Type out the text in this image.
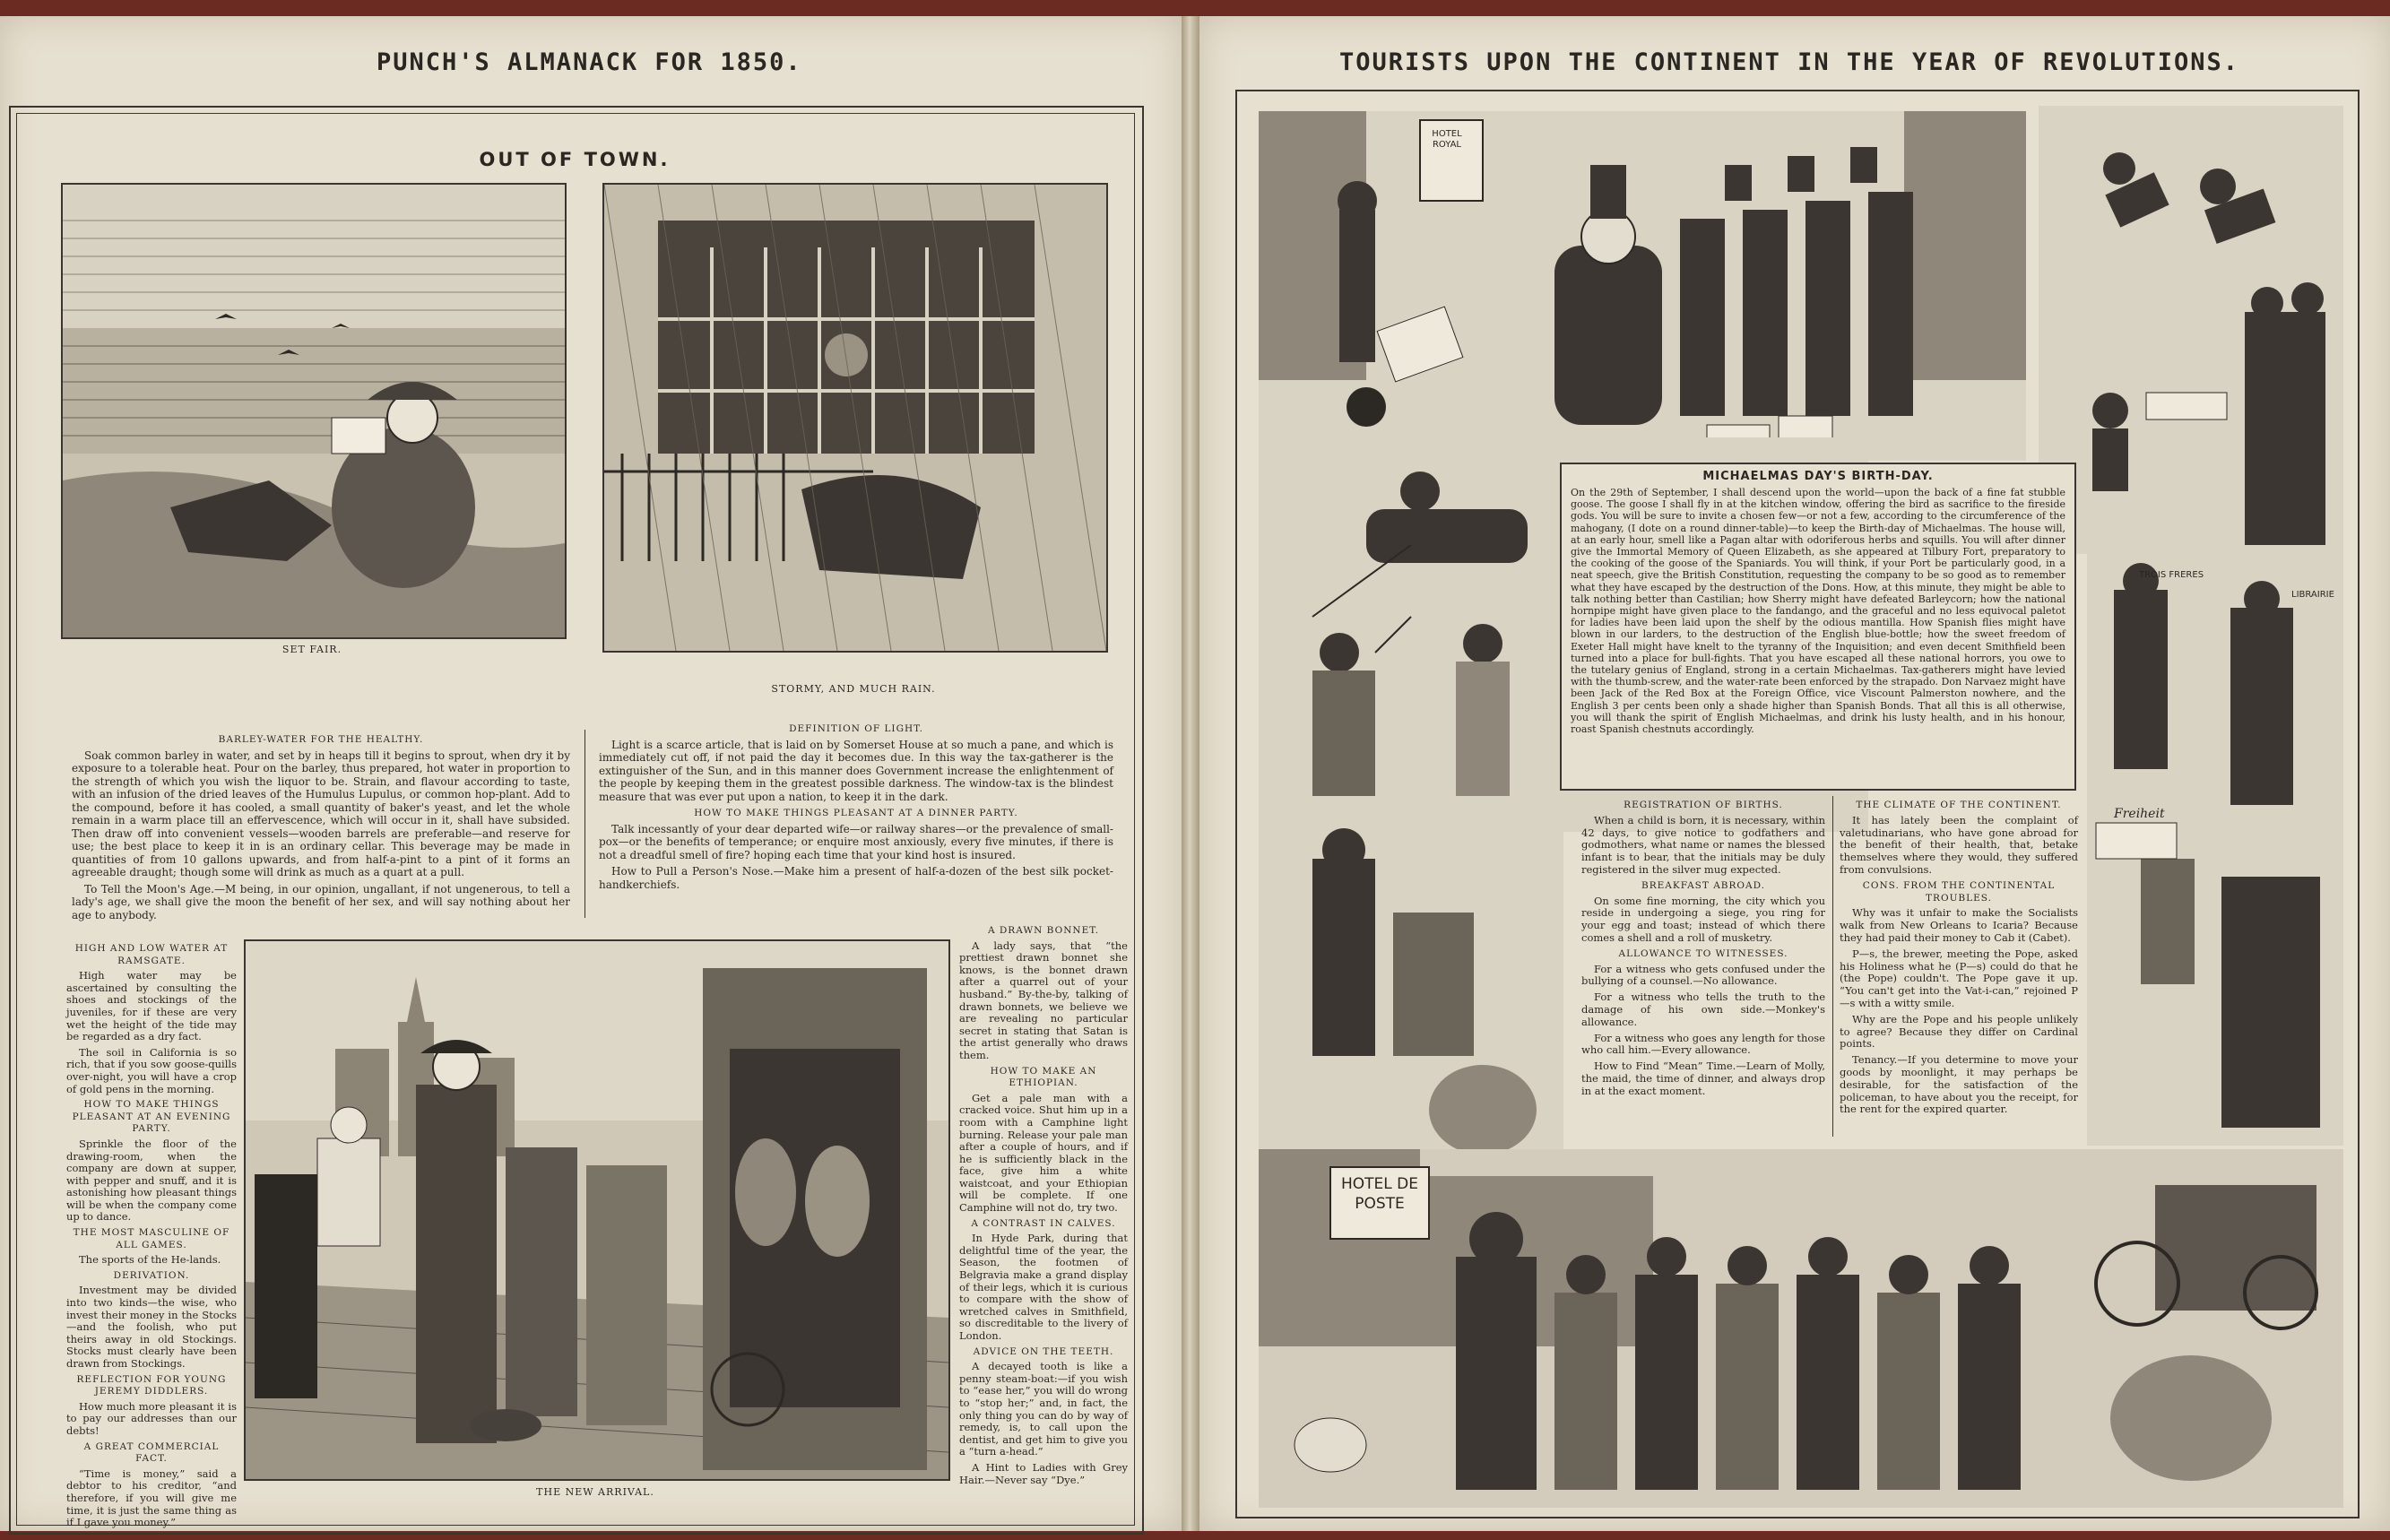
PUNCH'S ALMANACK FOR 1850.
OUT OF TOWN.
SET FAIR.
STORMY, AND MUCH RAIN.
BARLEY-WATER FOR THE HEALTHY.

Soak common barley in water, and set by in heaps till it begins to sprout, when dry it by exposure to a tolerable heat. Pour on the barley, thus prepared, hot water in proportion to the strength of which you wish the liquor to be. Strain, and flavour according to taste, with an infusion of the dried leaves of the Humulus Lupulus, or common hop-plant. Add to the compound, before it has cooled, a small quantity of baker's yeast, and let the whole remain in a warm place till an effervescence, which will occur in it, shall have subsided. Then draw off into convenient vessels—wooden barrels are preferable—and reserve for use; the best place to keep it in is an ordinary cellar. This beverage may be made in quantities of from 10 gallons upwards, and from half-a-pint to a pint of it forms an agreeable draught; though some will drink as much as a quart at a pull.

To Tell the Moon's Age.—M being, in our opinion, ungallant, if not ungenerous, to tell a lady's age, we shall give the moon the benefit of her sex, and will say nothing about her age to anybody.

DEFINITION OF LIGHT.

Light is a scarce article, that is laid on by Somerset House at so much a pane, and which is immediately cut off, if not paid the day it becomes due. In this way the tax-gatherer is the extinguisher of the Sun, and in this manner does Government increase the enlightenment of the people by keeping them in the greatest possible darkness. The window-tax is the blindest measure that was ever put upon a nation, to keep it in the dark.

HOW TO MAKE THINGS PLEASANT AT A DINNER PARTY.

Talk incessantly of your dear departed wife—or railway shares—or the prevalence of small-pox—or the benefits of temperance; or enquire most anxiously, every five minutes, if there is not a dreadful smell of fire? hoping each time that your kind host is insured.

How to Pull a Person's Nose.—Make him a present of half-a-dozen of the best silk pocket-handkerchiefs.

HIGH AND LOW WATER AT RAMSGATE.

High water may be ascertained by consulting the shoes and stockings of the juveniles, for if these are very wet the height of the tide may be regarded as a dry fact.

The soil in California is so rich, that if you sow goose-quills over-night, you will have a crop of gold pens in the morning.

HOW TO MAKE THINGS PLEASANT AT AN EVENING PARTY.

Sprinkle the floor of the drawing-room, when the company are down at supper, with pepper and snuff, and it is astonishing how pleasant things will be when the company come up to dance.

THE MOST MASCULINE OF ALL GAMES.

The sports of the He-lands.

DERIVATION.

Investment may be divided into two kinds—the wise, who invest their money in the Stocks—and the foolish, who put theirs away in old Stockings. Stocks must clearly have been drawn from Stockings.

REFLECTION FOR YOUNG JEREMY DIDDLERS.

How much more pleasant it is to pay our addresses than our debts!

A GREAT COMMERCIAL FACT.

“Time is money,” said a debtor to his creditor, “and therefore, if you will give me time, it is just the same thing as if I gave you money.”

THE NEW ARRIVAL.
A DRAWN BONNET.

A lady says, that “the prettiest drawn bonnet she knows, is the bonnet drawn after a quarrel out of your husband.” By-the-by, talking of drawn bonnets, we believe we are revealing no particular secret in stating that Satan is the artist generally who draws them.

HOW TO MAKE AN ETHIOPIAN.

Get a pale man with a cracked voice. Shut him up in a room with a Camphine light burning. Release your pale man after a couple of hours, and if he is sufficiently black in the face, give him a white waistcoat, and your Ethiopian will be complete. If one Camphine will not do, try two.

A CONTRAST IN CALVES.

In Hyde Park, during that delightful time of the year, the Season, the footmen of Belgravia make a grand display of their legs, which it is curious to compare with the show of wretched calves in Smithfield, so discreditable to the livery of London.

ADVICE ON THE TEETH.

A decayed tooth is like a penny steam-boat:—if you wish to “ease her,” you will do wrong to “stop her;” and, in fact, the only thing you can do by way of remedy, is, to call upon the dentist, and get him to give you a “turn a-head.”

A Hint to Ladies with Grey Hair.—Never say “Dye.”

TOURISTS UPON THE CONTINENT IN THE YEAR OF REVOLUTIONS.
HOTEL ROYAL
MICHAELMAS DAY'S BIRTH-DAY.

On the 29th of September, I shall descend upon the world—upon the back of a fine fat stubble goose. The goose I shall fly in at the kitchen window, offering the bird as sacrifice to the fireside gods. You will be sure to invite a chosen few—or not a few, according to the circumference of the mahogany, (I dote on a round dinner-table)—to keep the Birth-day of Michaelmas. The house will, at an early hour, smell like a Pagan altar with odoriferous herbs and squills. You will after dinner give the Immortal Memory of Queen Elizabeth, as she appeared at Tilbury Fort, preparatory to the cooking of the goose of the Spaniards. You will think, if your Port be particularly good, in a neat speech, give the British Constitution, requesting the company to be so good as to remember what they have escaped by the destruction of the Dons. How, at this minute, they might be able to talk nothing better than Castilian; how Sherry might have defeated Barleycorn; how the national hornpipe might have given place to the fandango, and the graceful and no less equivocal paletot for ladies have been laid upon the shelf by the odious mantilla. How Spanish flies might have blown in our larders, to the destruction of the English blue-bottle; how the sweet freedom of Exeter Hall might have knelt to the tyranny of the Inquisition; and even decent Smithfield been turned into a place for bull-fights. That you have escaped all these national horrors, you owe to the tutelary genius of England, strong in a certain Michaelmas. Tax-gatherers might have levied with the thumb-screw, and the water-rate been enforced by the strapado. Don Narvaez might have been Jack of the Red Box at the Foreign Office, vice Viscount Palmerston nowhere, and the English 3 per cents been only a shade higher than Spanish Bonds. That all this is all otherwise, you will thank the spirit of English Michaelmas, and drink his lusty health, and in his honour, roast Spanish chestnuts accordingly.

REGISTRATION OF BIRTHS.

When a child is born, it is necessary, within 42 days, to give notice to godfathers and godmothers, what name or names the blessed infant is to bear, that the initials may be duly registered in the silver mug expected.

BREAKFAST ABROAD.

On some fine morning, the city which you reside in undergoing a siege, you ring for your egg and toast; instead of which there comes a shell and a roll of musketry.

ALLOWANCE TO WITNESSES.

For a witness who gets confused under the bullying of a counsel.—No allowance.

For a witness who tells the truth to the damage of his own side.—Monkey's allowance.

For a witness who goes any length for those who call him.—Every allowance.

How to Find “Mean” Time.—Learn of Molly, the maid, the time of dinner, and always drop in at the exact moment.

THE CLIMATE OF THE CONTINENT.

It has lately been the complaint of valetudinarians, who have gone abroad for the benefit of their health, that, betake themselves where they would, they suffered from convulsions.

CONS. FROM THE CONTINENTAL TROUBLES.

Why was it unfair to make the Socialists walk from New Orleans to Icaria? Because they had paid their money to Cab it (Cabet).

P—s, the brewer, meeting the Pope, asked his Holiness what he (P—s) could do that he (the Pope) couldn't. The Pope gave it up. “You can't get into the Vat-i-can,” rejoined P—s with a witty smile.

Why are the Pope and his people unlikely to agree? Because they differ on Cardinal points.

Tenancy.—If you determine to move your goods by moonlight, it may perhaps be desirable, for the satisfaction of the policeman, to have about you the receipt, for the rent for the expired quarter.

TROIS FRERES
LIBRAIRIE
Freiheit
HOTEL DE POSTE
